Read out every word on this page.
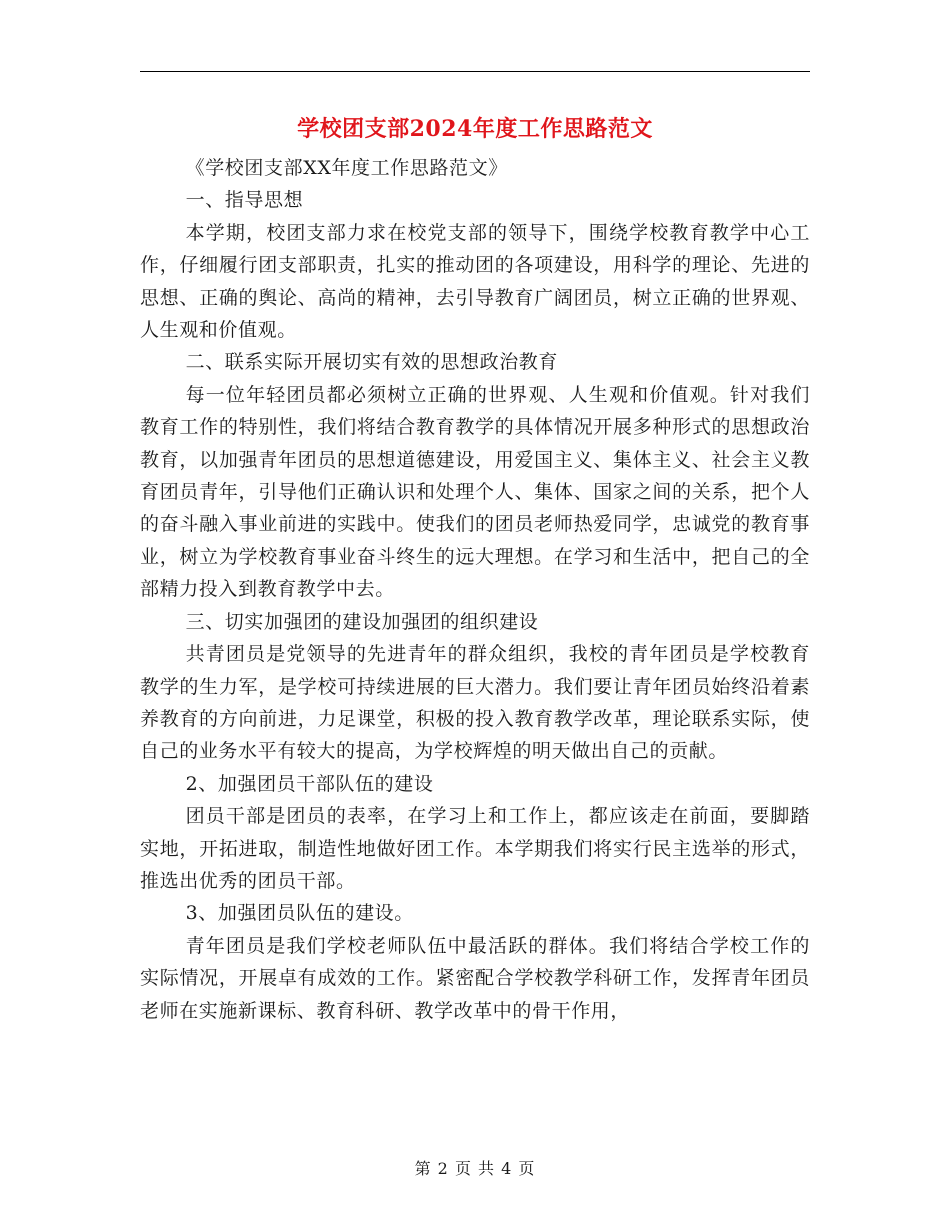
学校团支部2024年度工作思路范文

《学校团支部XX年度工作思路范文》

一、指导思想

本学期，校团支部力求在校党支部的领导下，围绕学校教育教学中心工作，仔细履行团支部职责，扎实的推动团的各项建设，用科学的理论、先进的思想、正确的舆论、高尚的精神，去引导教育广阔团员，树立正确的世界观、人生观和价值观。

二、联系实际开展切实有效的思想政治教育

每一位年轻团员都必须树立正确的世界观、人生观和价值观。针对我们教育工作的特别性，我们将结合教育教学的具体情况开展多种形式的思想政治教育，以加强青年团员的思想道德建设，用爱国主义、集体主义、社会主义教育团员青年，引导他们正确认识和处理个人、集体、国家之间的关系，把个人的奋斗融入事业前进的实践中。使我们的团员老师热爱同学，忠诚党的教育事业，树立为学校教育事业奋斗终生的远大理想。在学习和生活中，把自己的全部精力投入到教育教学中去。

三、切实加强团的建设加强团的组织建设

共青团员是党领导的先进青年的群众组织，我校的青年团员是学校教育教学的生力军，是学校可持续进展的巨大潜力。我们要让青年团员始终沿着素养教育的方向前进，力足课堂，积极的投入教育教学改革，理论联系实际，使自己的业务水平有较大的提高，为学校辉煌的明天做出自己的贡献。

2、加强团员干部队伍的建设

团员干部是团员的表率，在学习上和工作上，都应该走在前面，要脚踏实地，开拓进取，制造性地做好团工作。本学期我们将实行民主选举的形式，推选出优秀的团员干部。

3、加强团员队伍的建设。

青年团员是我们学校老师队伍中最活跃的群体。我们将结合学校工作的实际情况，开展卓有成效的工作。紧密配合学校教学科研工作，发挥青年团员老师在实施新课标、教育科研、教学改革中的骨干作用，

第 2 页 共 4 页
